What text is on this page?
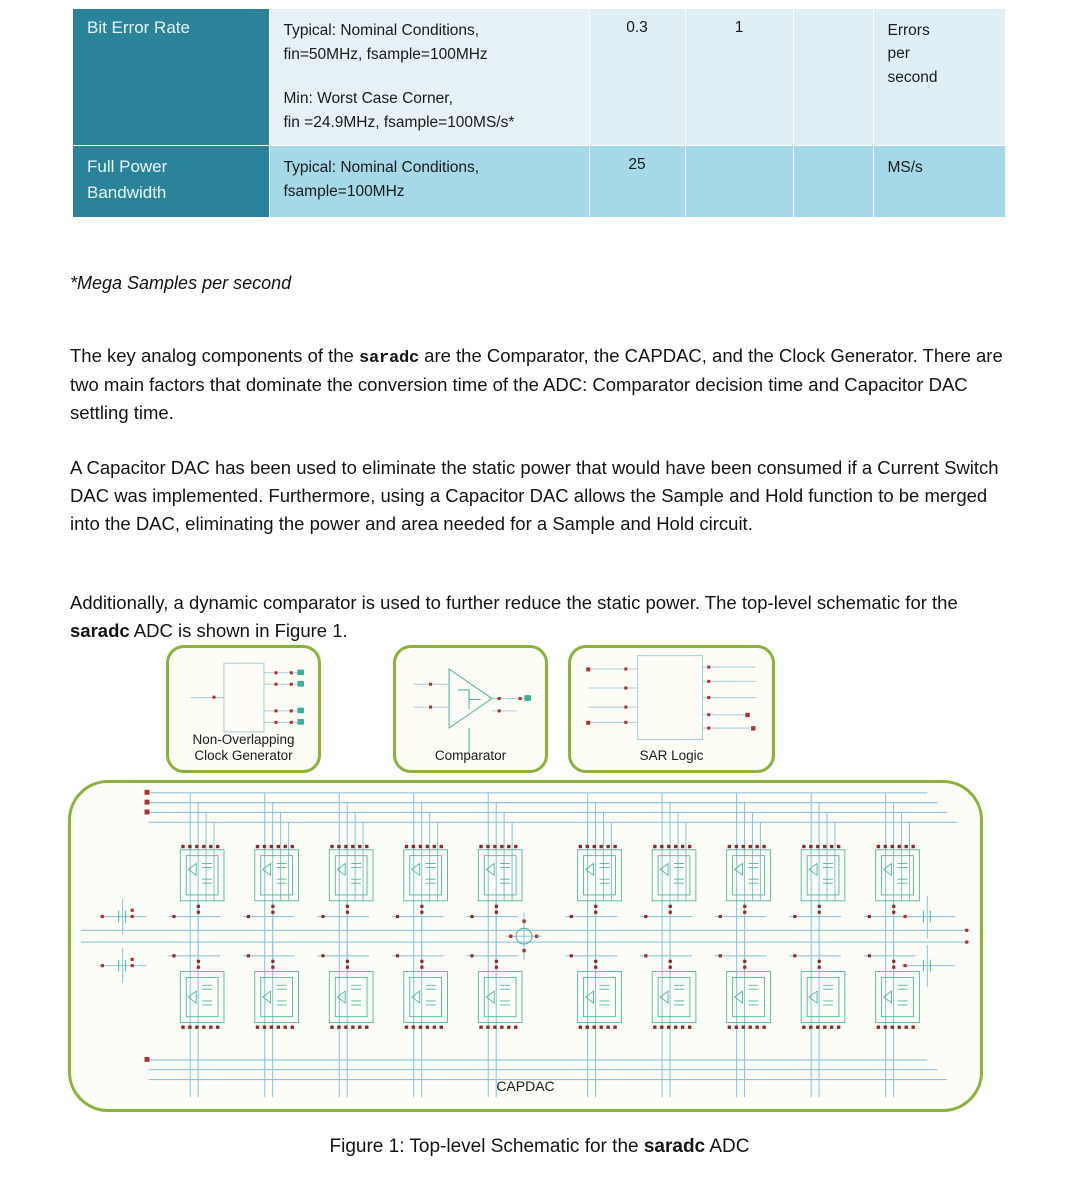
Bit Error Rate	Typical: Nominal Conditions,
fin=50MHz, fsample=100MHz
Min: Worst Case Corner,
fin =24.9MHz, fsample=100MS/s*	0.3	1		Errors
per
second

Full Power
Bandwidth	Typical: Nominal Conditions,
fsample=100MHz	25			MS/s
*Mega Samples per second

The key analog components of the saradc are the Comparator, the CAPDAC, and the Clock Generator. There are two main factors that dominate the conversion time of the ADC: Comparator decision time and Capacitor DAC settling time.

A Capacitor DAC has been used to eliminate the static power that would have been consumed if a Current Switch DAC was implemented. Furthermore, using a Capacitor DAC allows the Sample and Hold function to be merged into the DAC, eliminating the power and area needed for a Sample and Hold circuit.

Additionally, a dynamic comparator is used to further reduce the static power. The top-level schematic for the saradc ADC is shown in Figure 1.

Non-Overlapping
Clock Generator	Comparator	SAR Logic
CAPDAC
Figure 1: Top-level Schematic for the saradc ADC
